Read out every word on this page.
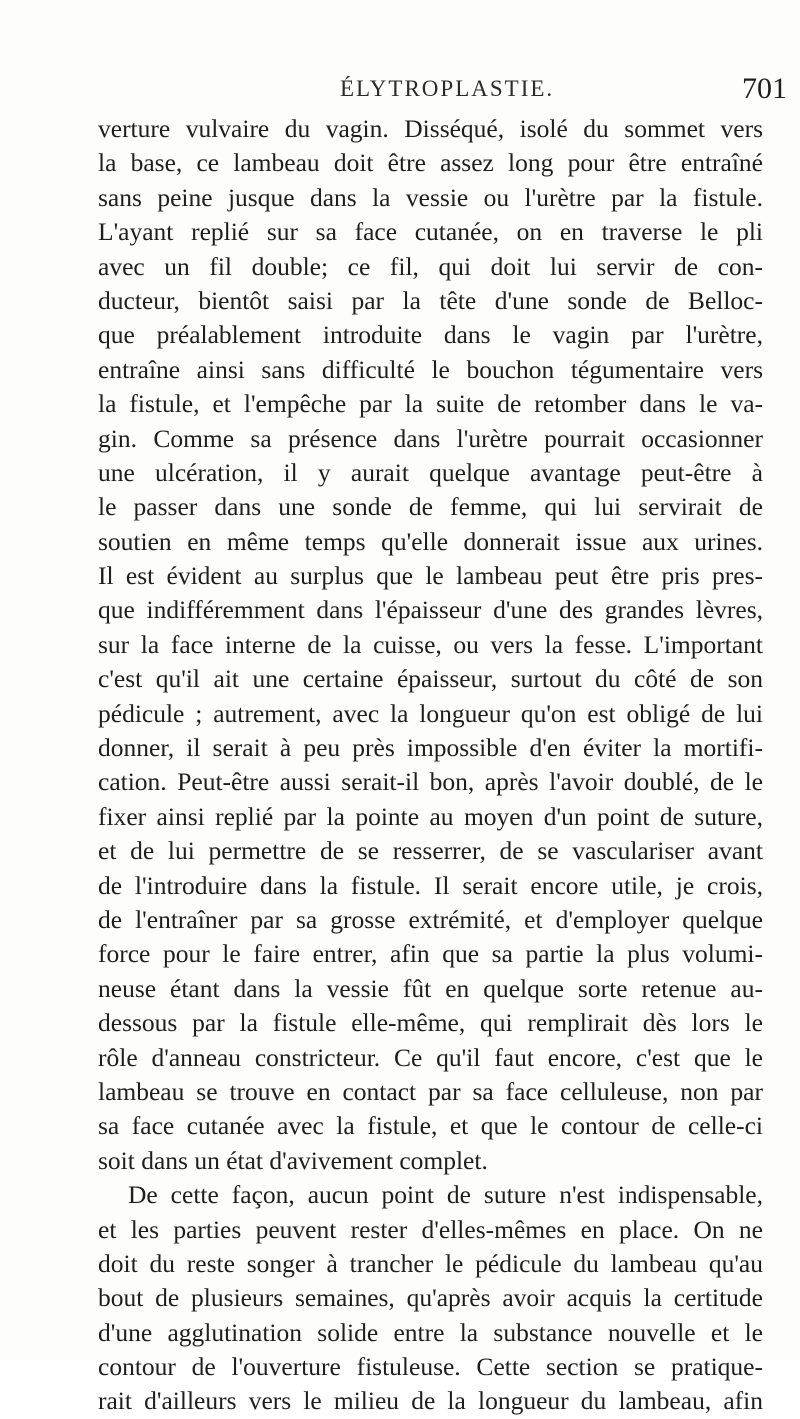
ÉLYTROPLASTIE.	701
verture vulvaire du vagin. Disséqué, isolé du sommet vers
la base, ce lambeau doit être assez long pour être entraîné
sans peine jusque dans la vessie ou l'urètre par la fistule.
L'ayant replié sur sa face cutanée, on en traverse le pli
avec un fil double; ce fil, qui doit lui servir de con-
ducteur, bientôt saisi par la tête d'une sonde de Belloc-
que préalablement introduite dans le vagin par l'urètre,
entraîne ainsi sans difficulté le bouchon tégumentaire vers
la fistule, et l'empêche par la suite de retomber dans le va-
gin. Comme sa présence dans l'urètre pourrait occasionner
une ulcération, il y aurait quelque avantage peut-être à
le passer dans une sonde de femme, qui lui servirait de
soutien en même temps qu'elle donnerait issue aux urines.
Il est évident au surplus que le lambeau peut être pris pres-
que indifféremment dans l'épaisseur d'une des grandes lèvres,
sur la face interne de la cuisse, ou vers la fesse. L'important
c'est qu'il ait une certaine épaisseur, surtout du côté de son
pédicule ; autrement, avec la longueur qu'on est obligé de lui
donner, il serait à peu près impossible d'en éviter la mortifi-
cation. Peut-être aussi serait-il bon, après l'avoir doublé, de le
fixer ainsi replié par la pointe au moyen d'un point de suture,
et de lui permettre de se resserrer, de se vasculariser avant
de l'introduire dans la fistule. Il serait encore utile, je crois,
de l'entraîner par sa grosse extrémité, et d'employer quelque
force pour le faire entrer, afin que sa partie la plus volumi-
neuse étant dans la vessie fût en quelque sorte retenue au-
dessous par la fistule elle-même, qui remplirait dès lors le
rôle d'anneau constricteur. Ce qu'il faut encore, c'est que le
lambeau se trouve en contact par sa face celluleuse, non par
sa face cutanée avec la fistule, et que le contour de celle-ci
soit dans un état d'avivement complet.
De cette façon, aucun point de suture n'est indispensable,
et les parties peuvent rester d'elles-mêmes en place. On ne
doit du reste songer à trancher le pédicule du lambeau qu'au
bout de plusieurs semaines, qu'après avoir acquis la certitude
d'une agglutination solide entre la substance nouvelle et le
contour de l'ouverture fistuleuse. Cette section se pratique-
rait d'ailleurs vers le milieu de la longueur du lambeau, afin
